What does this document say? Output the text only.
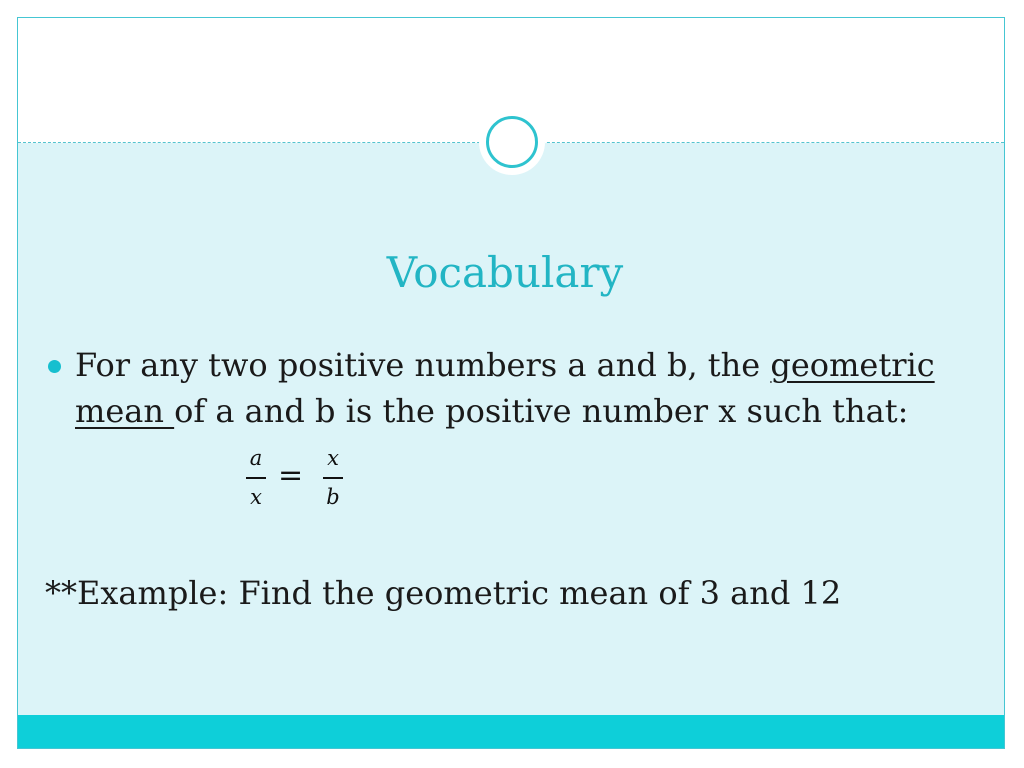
Vocabulary
For any two positive numbers a and b, the geometric mean of a and b is the positive number x such that:
a
x
= x
b
**Example: Find the geometric mean of 3 and 12
